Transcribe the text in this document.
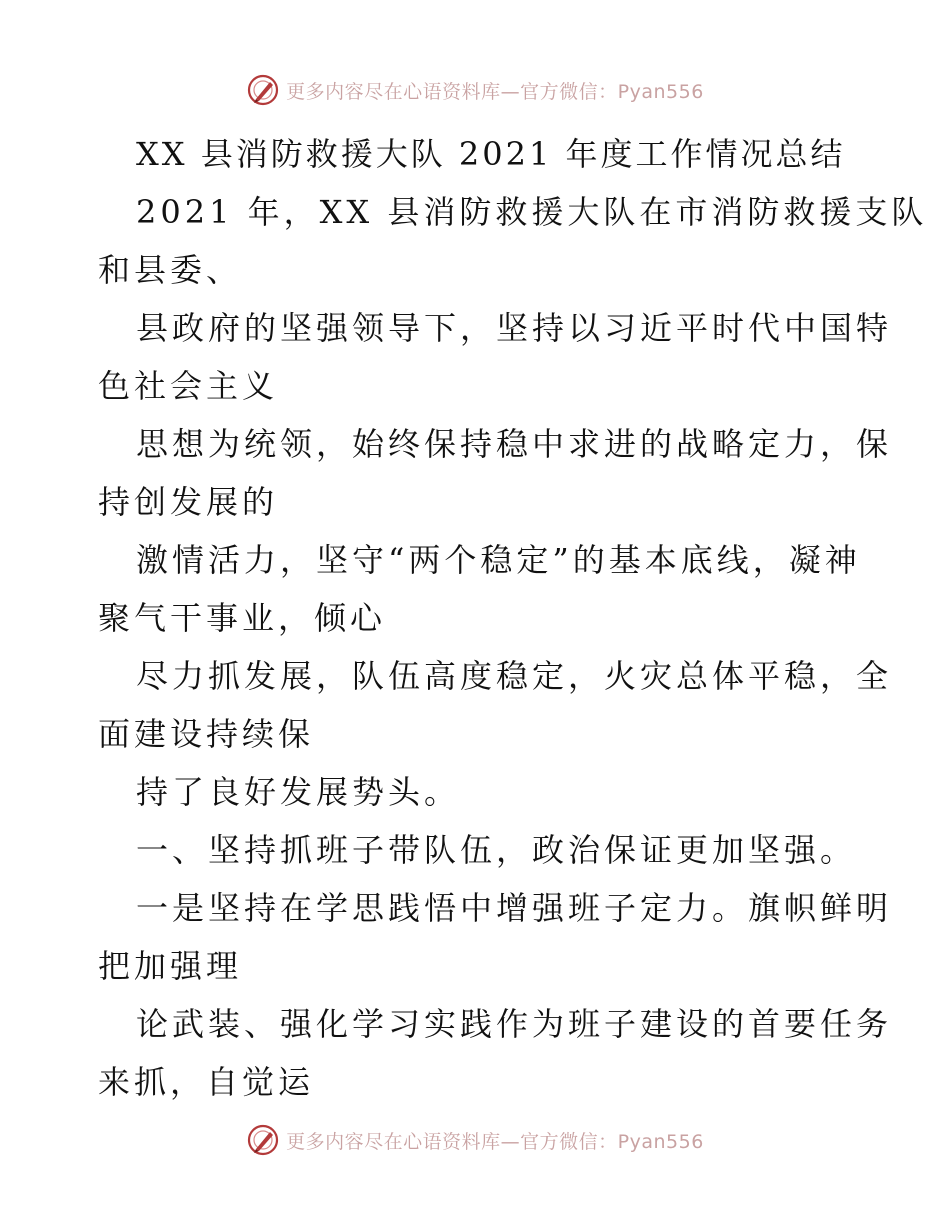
更多内容尽在心语资料库—官方微信：Pyan556
XX 县消防救援大队 2021 年度工作情况总结
2021 年，XX 县消防救援大队在市消防救援支队
和县委、
县政府的坚强领导下，坚持以习近平时代中国特
色社会主义
思想为统领，始终保持稳中求进的战略定力，保
持创发展的
激情活力，坚守“两个稳定”的基本底线，凝神
聚气干事业，倾心
尽力抓发展，队伍高度稳定，火灾总体平稳，全
面建设持续保
持了良好发展势头。
一、坚持抓班子带队伍，政治保证更加坚强。
一是坚持在学思践悟中增强班子定力。旗帜鲜明
把加强理
论武装、强化学习实践作为班子建设的首要任务
来抓，自觉运
更多内容尽在心语资料库—官方微信：Pyan556
